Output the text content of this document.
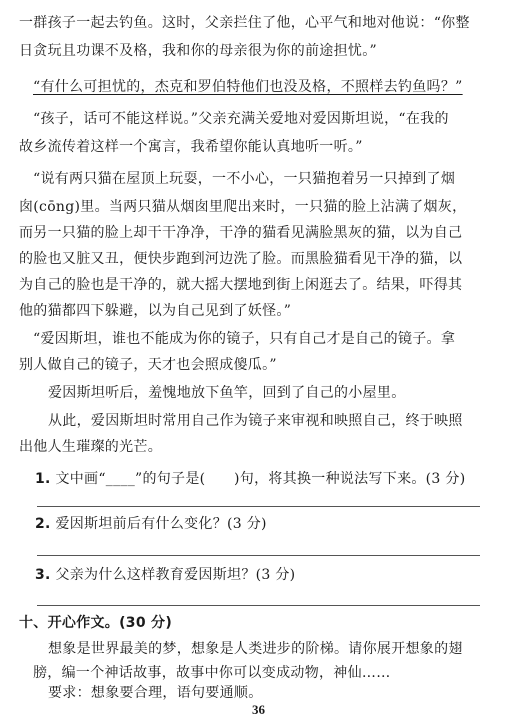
一群孩子一起去钓鱼。这时，父亲拦住了他，心平气和地对他说：“你整
日贪玩且功课不及格，我和你的母亲很为你的前途担忧。”
“有什么可担忧的，杰克和罗伯特他们也没及格，不照样去钓鱼吗？”
“孩子，话可不能这样说。”父亲充满关爱地对爱因斯坦说，“在我的
故乡流传着这样一个寓言，我希望你能认真地听一听。”
“说有两只猫在屋顶上玩耍，一不小心，一只猫抱着另一只掉到了烟
囱(cōng)里。当两只猫从烟囱里爬出来时，一只猫的脸上沾满了烟灰，
而另一只猫的脸上却干干净净，干净的猫看见满脸黑灰的猫，以为自己
的脸也又脏又丑，便快步跑到河边洗了脸。而黑脸猫看见干净的猫，以
为自己的脸也是干净的，就大摇大摆地到街上闲逛去了。结果，吓得其
他的猫都四下躲避，以为自己见到了妖怪。”
“爱因斯坦，谁也不能成为你的镜子，只有自己才是自己的镜子。拿
别人做自己的镜子，天才也会照成傻瓜。”
爱因斯坦听后，羞愧地放下鱼竿，回到了自己的小屋里。
从此，爱因斯坦时常用自己作为镜子来审视和映照自己，终于映照
出他人生璀璨的光芒。
1. 文中画“____”的句子是(　　)句，将其换一种说法写下来。(3 分)
2. 爱因斯坦前后有什么变化？(3 分)
3. 父亲为什么这样教育爱因斯坦？(3 分)
十、开心作文。(30 分)
想象是世界最美的梦，想象是人类进步的阶梯。请你展开想象的翅
膀，编一个神话故事，故事中你可以变成动物，神仙……
要求：想象要合理，语句要通顺。
36
